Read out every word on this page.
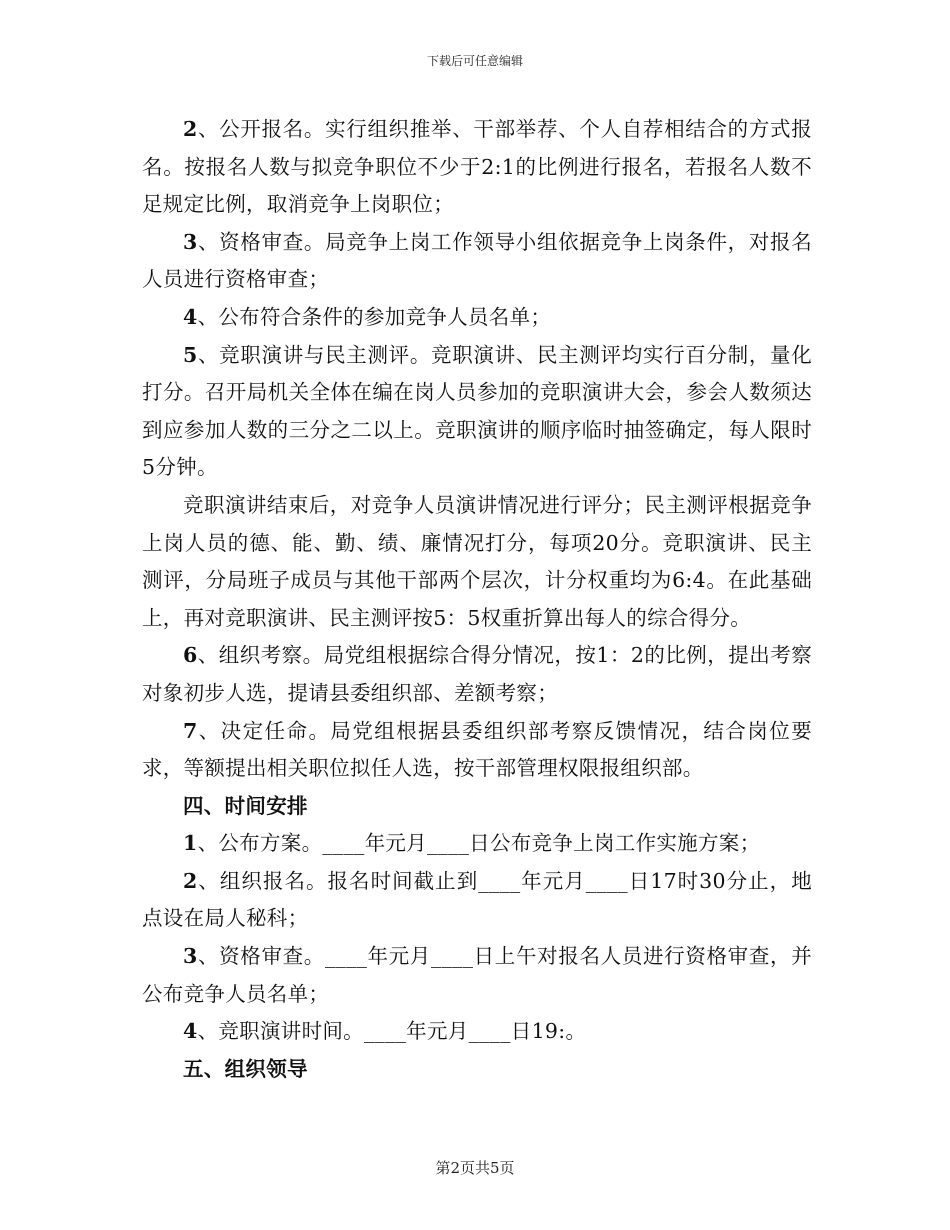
下载后可任意编辑

2、公开报名。实行组织推举、干部举荐、个人自荐相结合的方式报名。按报名人数与拟竞争职位不少于2:1的比例进行报名，若报名人数不足规定比例，取消竞争上岗职位；

3、资格审查。局竞争上岗工作领导小组依据竞争上岗条件，对报名人员进行资格审查；

4、公布符合条件的参加竞争人员名单；

5、竞职演讲与民主测评。竞职演讲、民主测评均实行百分制，量化打分。召开局机关全体在编在岗人员参加的竞职演讲大会，参会人数须达到应参加人数的三分之二以上。竞职演讲的顺序临时抽签确定，每人限时5分钟。

竞职演讲结束后，对竞争人员演讲情况进行评分；民主测评根据竞争上岗人员的德、能、勤、绩、廉情况打分，每项20分。竞职演讲、民主测评，分局班子成员与其他干部两个层次，计分权重均为6:4。在此基础上，再对竞职演讲、民主测评按5：5权重折算出每人的综合得分。

6、组织考察。局党组根据综合得分情况，按1：2的比例，提出考察对象初步人选，提请县委组织部、差额考察；

7、决定任命。局党组根据县委组织部考察反馈情况，结合岗位要求，等额提出相关职位拟任人选，按干部管理权限报组织部。

四、时间安排

1、公布方案。____年元月____日公布竞争上岗工作实施方案；

2、组织报名。报名时间截止到____年元月____日17时30分止，地点设在局人秘科；

3、资格审查。____年元月____日上午对报名人员进行资格审查，并公布竞争人员名单；

4、竞职演讲时间。____年元月____日19:。

五、组织领导

第2页共5页
